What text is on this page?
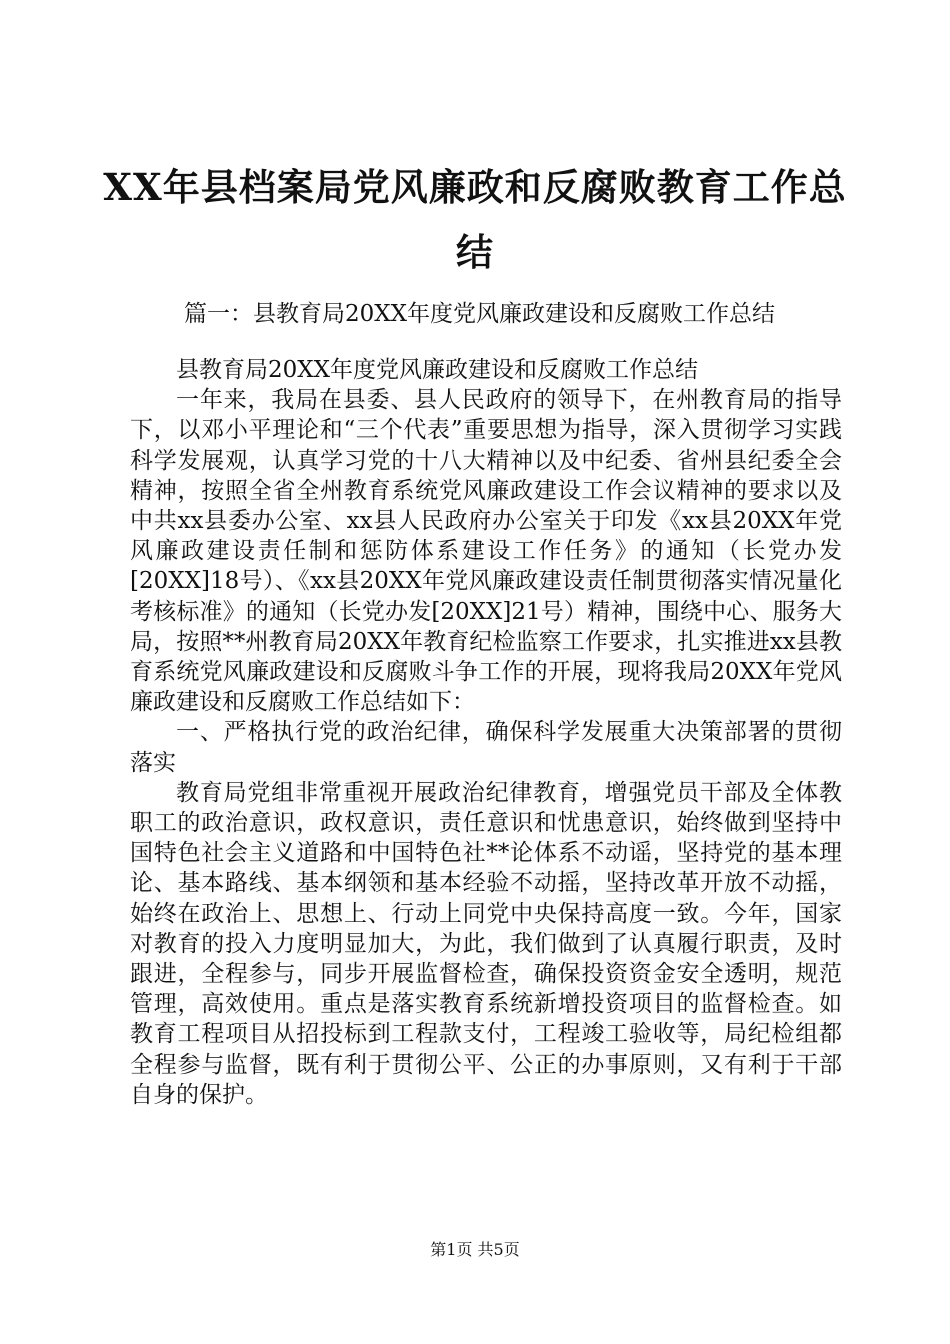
XX年县档案局党风廉政和反腐败教育工作总
结

篇一：县教育局20XX年度党风廉政建设和反腐败工作总结

县教育局20XX年度党风廉政建设和反腐败工作总结

一年来，我局在县委、县人民政府的领导下，在州教育局的指导下，以邓小平理论和“三个代表”重要思想为指导，深入贯彻学习实践科学发展观，认真学习党的十八大精神以及中纪委、省州县纪委全会精神，按照全省全州教育系统党风廉政建设工作会议精神的要求以及中共xx县委办公室、xx县人民政府办公室关于印发《xx县20XX年党风廉政建设责任制和惩防体系建设工作任务》的通知（长党办发[20XX]18号）、《xx县20XX年党风廉政建设责任制贯彻落实情况量化考核标准》的通知（长党办发[20XX]21号）精神，围绕中心、服务大局，按照**州教育局20XX年教育纪检监察工作要求，扎实推进xx县教育系统党风廉政建设和反腐败斗争工作的开展，现将我局20XX年党风廉政建设和反腐败工作总结如下：

一、严格执行党的政治纪律，确保科学发展重大决策部署的贯彻落实

教育局党组非常重视开展政治纪律教育，增强党员干部及全体教职工的政治意识，政权意识，责任意识和忧患意识，始终做到坚持中国特色社会主义道路和中国特色社**论体系不动谣，坚持党的基本理论、基本路线、基本纲领和基本经验不动摇，坚持改革开放不动摇，始终在政治上、思想上、行动上同党中央保持高度一致。今年，国家对教育的投入力度明显加大，为此，我们做到了认真履行职责，及时跟进，全程参与，同步开展监督检查，确保投资资金安全透明，规范管理，高效使用。重点是落实教育系统新增投资项目的监督检查。如教育工程项目从招投标到工程款支付，工程竣工验收等，局纪检组都全程参与监督，既有利于贯彻公平、公正的办事原则，又有利于干部自身的保护。

第1页 共5页
